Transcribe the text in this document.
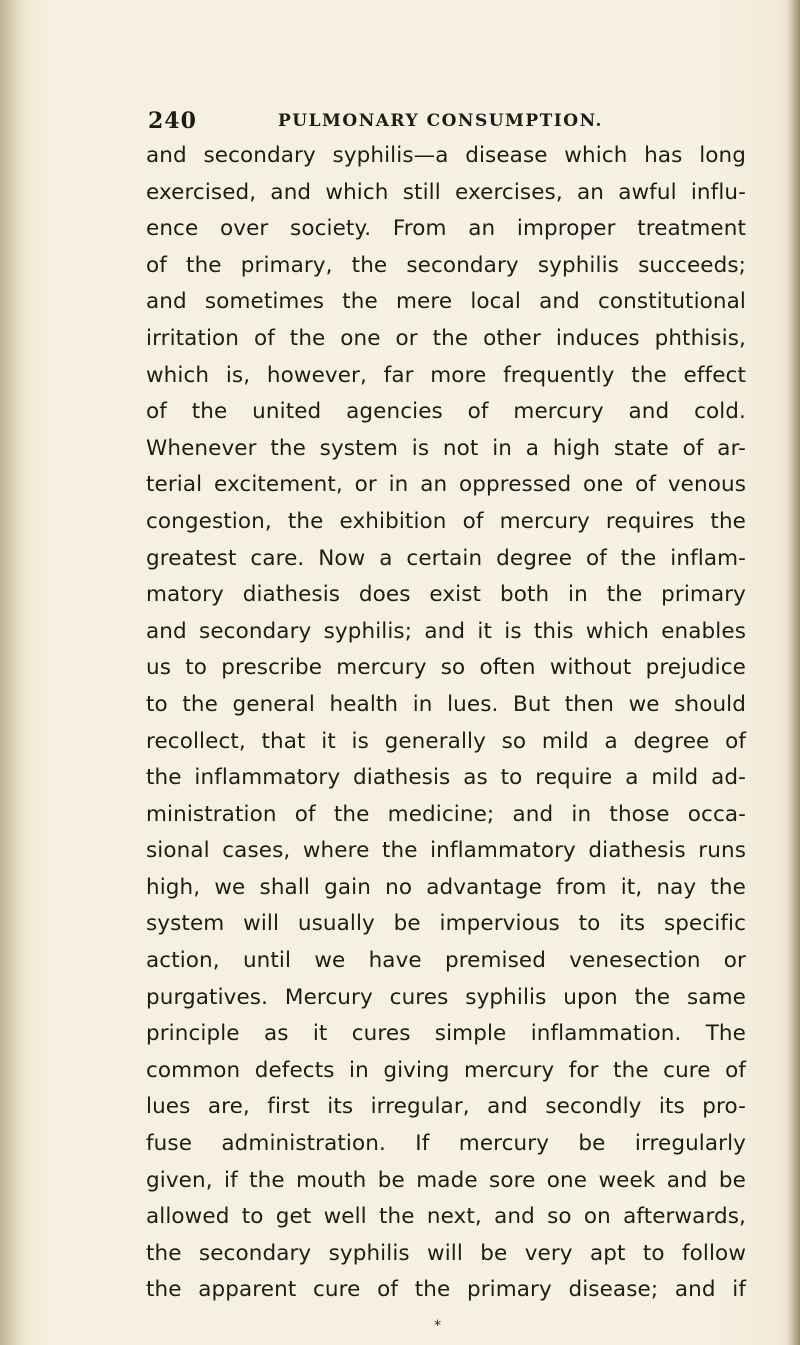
240	PULMONARY CONSUMPTION.
and secondary syphilis—a disease which has long
exercised, and which still exercises, an awful influ-
ence over society. From an improper treatment
of the primary, the secondary syphilis succeeds;
and sometimes the mere local and constitutional
irritation of the one or the other induces phthisis,
which is, however, far more frequently the effect
of the united agencies of mercury and cold.
Whenever the system is not in a high state of ar-
terial excitement, or in an oppressed one of venous
congestion, the exhibition of mercury requires the
greatest care. Now a certain degree of the inflam-
matory diathesis does exist both in the primary
and secondary syphilis; and it is this which enables
us to prescribe mercury so often without prejudice
to the general health in lues. But then we should
recollect, that it is generally so mild a degree of
the inflammatory diathesis as to require a mild ad-
ministration of the medicine; and in those occa-
sional cases, where the inflammatory diathesis runs
high, we shall gain no advantage from it, nay the
system will usually be impervious to its specific
action, until we have premised venesection or
purgatives. Mercury cures syphilis upon the same
principle as it cures simple inflammation. The
common defects in giving mercury for the cure of
lues are, first its irregular, and secondly its pro-
fuse administration. If mercury be irregularly
given, if the mouth be made sore one week and be
allowed to get well the next, and so on afterwards,
the secondary syphilis will be very apt to follow
the apparent cure of the primary disease; and if
*
